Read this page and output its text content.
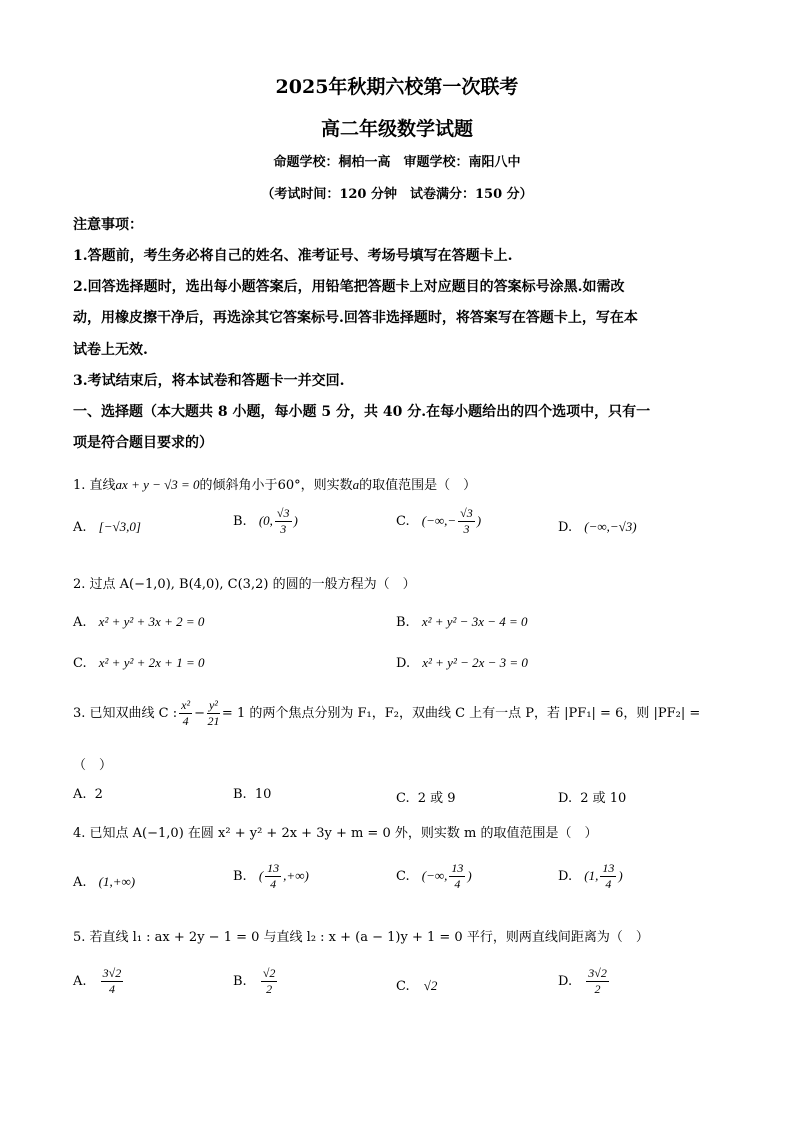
2025年秋期六校第一次联考
高二年级数学试题
命题学校：桐柏一高　审题学校：南阳八中
（考试时间：120 分钟　试卷满分：150 分）
注意事项：
1.答题前，考生务必将自己的姓名、准考证号、考场号填写在答题卡上.
2.回答选择题时，选出每小题答案后，用铅笔把答题卡上对应题目的答案标号涂黑.如需改
动，用橡皮擦干净后，再选涂其它答案标号.回答非选择题时，将答案写在答题卡上，写在本
试卷上无效.
3.考试结束后，将本试卷和答题卡一并交回.
一、选择题（本大题共 8 小题，每小题 5 分，共 40 分.在每小题给出的四个选项中，只有一
项是符合题目要求的）
1. 直线ax + y − √3 = 0的倾斜角小于60°，则实数a的取值范围是（　）
A. [−√3,0]	B. (0, $\frac{√3}{3}$ )	C. (−∞,− $\frac{√3}{3}$ )	D. (−∞,−√3)
2. 过点 A(−1,0), B(4,0), C(3,2) 的圆的一般方程为（　）
A. x² + y² + 3x + 2 = 0	B. x² + y² − 3x − 4 = 0
C. x² + y² + 2x + 1 = 0	D. x² + y² − 2x − 3 = 0
3. 已知双曲线 C : $\frac{\text{x²}}{4} - \frac{\text{y²}}{21} = 1$ 的两个焦点分别为 F₁，F₂，双曲线 C 上有一点 P，若 |PF₁| = 6，则 |PF₂| =
（　）
A. 2	B. 10	C. 2 或 9	D. 2 或 10
4. 已知点 A(−1,0) 在圆 x² + y² + 2x + 3y + m = 0 外，则实数 m 的取值范围是（　）
A. (1,+∞)	B. ( $\frac{13}{4}$ ,+∞)	C. (−∞, $\frac{13}{4}$ )	D. (1, $\frac{13}{4}$ )
5. 若直线 l₁ : ax + 2y − 1 = 0 与直线 l₂ : x + (a − 1)y + 1 = 0 平行，则两直线间距离为（　）
A. $\frac{3√2}{4}$	B. $\frac{√2}{2}$	C. √2	D. $\frac{3√2}{2}$
